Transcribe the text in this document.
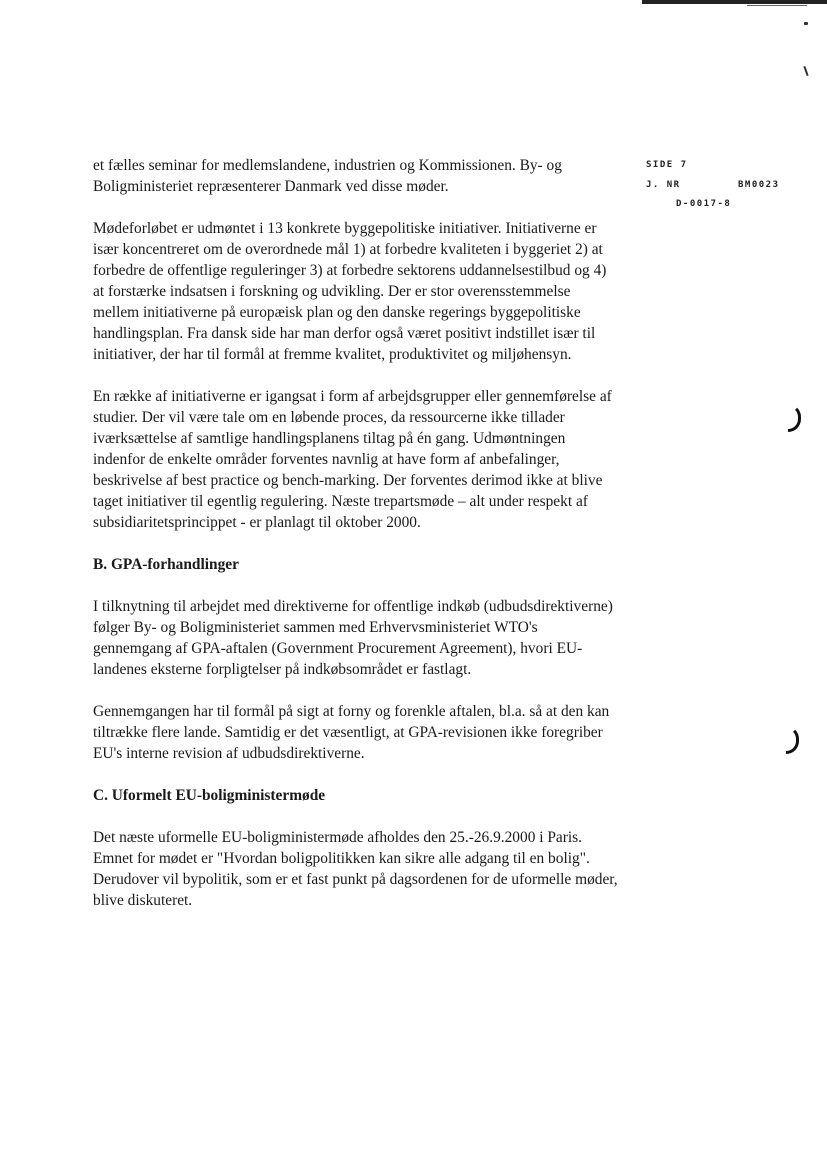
SIDE 7
J. NR	BM0023
D-0017-8

et fælles seminar for medlemslandene, industrien og Kommissionen. By- og Boligministeriet repræsenterer Danmark ved disse møder.

Mødeforløbet er udmøntet i 13 konkrete byggepolitiske initiativer. Initiativerne er især koncentreret om de overordnede mål 1) at forbedre kvaliteten i byggeriet 2) at forbedre de offentlige reguleringer 3) at forbedre sektorens uddannelsestilbud og 4) at forstærke indsatsen i forskning og udvikling. Der er stor overensstemmelse mellem initiativerne på europæisk plan og den danske regerings byggepolitiske handlingsplan. Fra dansk side har man derfor også været positivt indstillet især til initiativer, der har til formål at fremme kvalitet, produktivitet og miljøhensyn.

En række af initiativerne er igangsat i form af arbejdsgrupper eller gennemførelse af studier. Der vil være tale om en løbende proces, da ressourcerne ikke tillader iværksættelse af samtlige handlingsplanens tiltag på én gang. Udmøntningen indenfor de enkelte områder forventes navnlig at have form af anbefalinger, beskrivelse af best practice og bench-marking. Der forventes derimod ikke at blive taget initiativer til egentlig regulering. Næste trepartsmøde – alt under respekt af subsidiaritetsprincippet - er planlagt til oktober 2000.

B. GPA-forhandlinger

I tilknytning til arbejdet med direktiverne for offentlige indkøb (udbudsdirektiverne) følger By- og Boligministeriet sammen med Erhvervsministeriet WTO's gennemgang af GPA-aftalen (Government Procurement Agreement), hvori EU-landenes eksterne forpligtelser på indkøbsområdet er fastlagt.

Gennemgangen har til formål på sigt at forny og forenkle aftalen, bl.a. så at den kan tiltrække flere lande. Samtidig er det væsentligt, at GPA-revisionen ikke foregriber EU's interne revision af udbudsdirektiverne.

C. Uformelt EU-boligministermøde

Det næste uformelle EU-boligministermøde afholdes den 25.-26.9.2000 i Paris. Emnet for mødet er "Hvordan boligpolitikken kan sikre alle adgang til en bolig". Derudover vil bypolitik, som er et fast punkt på dagsordenen for de uformelle møder, blive diskuteret.
